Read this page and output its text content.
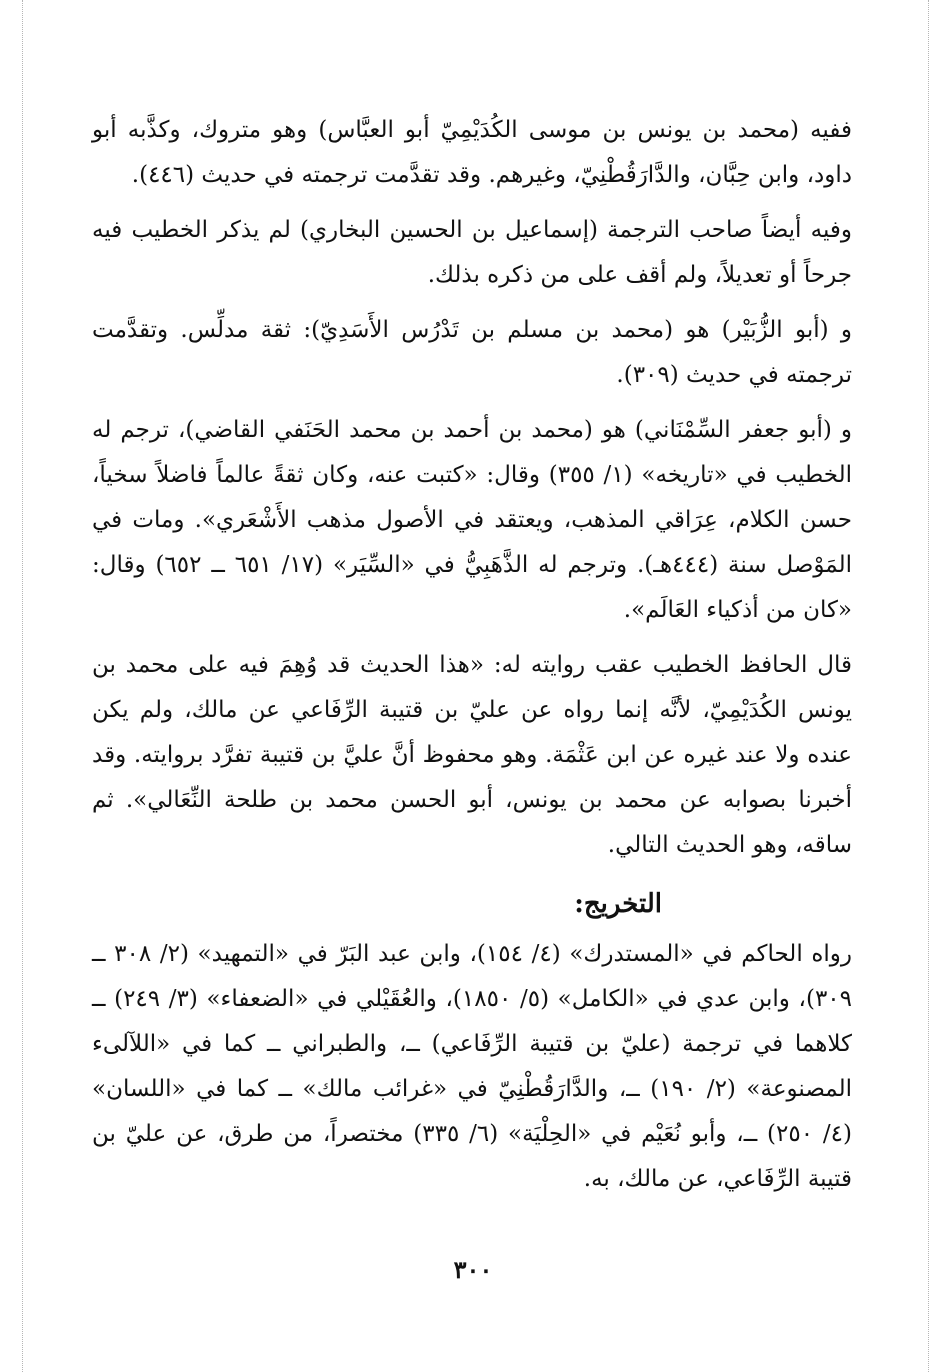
ففيه (محمد بن يونس بن موسى الكُدَيْمِيّ أبو العبَّاس) وهو متروك، وكذَّبه أبو داود، وابن حِبَّان، والدَّارَقُطْنِيّ، وغيرهم. وقد تقدَّمت ترجمته في حديث (٤٤٦).

وفيه أيضاً صاحب الترجمة (إسماعيل بن الحسين البخاري) لم يذكر الخطيب فيه جرحاً أو تعديلاً، ولم أقف على من ذكره بذلك.

و (أبو الزُّبَيْر) هو (محمد بن مسلم بن تَدْرُس الأَسَدِيّ): ثقة مدلِّس. وتقدَّمت ترجمته في حديث (٣٠٩).

و (أبو جعفر السِّمْنَاني) هو (محمد بن أحمد بن محمد الحَنَفي القاضي)، ترجم له الخطيب في «تاريخه» (١/ ٣٥٥) وقال: «كتبت عنه، وكان ثقةً عالماً فاضلاً سخياً، حسن الكلام، عِرَاقي المذهب، ويعتقد في الأصول مذهب الأَشْعَري». ومات في المَوْصل سنة (٤٤٤هـ). وترجم له الذَّهَبِيُّ في «السِّيَر» (١٧/ ٦٥١ ــ ٦٥٢) وقال: «كان من أذكياء العَالَم».

قال الحافظ الخطيب عقب روايته له: «هذا الحديث قد وُهِمَ فيه على محمد بن يونس الكُدَيْمِيّ، لأنَّه إنما رواه عن عليّ بن قتيبة الرِّفَاعي عن مالك، ولم يكن عنده ولا عند غيره عن ابن عَثْمَة. وهو محفوظ أنَّ عليَّ بن قتيبة تفرَّد بروايته. وقد أخبرنا بصوابه عن محمد بن يونس، أبو الحسن محمد بن طلحة النِّعَالي». ثم ساقه، وهو الحديث التالي.

التخريج:

رواه الحاكم في «المستدرك» (٤/ ١٥٤)، وابن عبد البَرّ في «التمهيد» (٢/ ٣٠٨ ــ ٣٠٩)، وابن عدي في «الكامل» (٥/ ١٨٥٠)، والعُقَيْلي في «الضعفاء» (٣/ ٢٤٩) ــ كلاهما في ترجمة (عليّ بن قتيبة الرِّفَاعي) ــ، والطبراني ــ كما في «اللآلىء المصنوعة» (٢/ ١٩٠) ــ، والدَّارَقُطْنِيّ في «غرائب مالك» ــ كما في «اللسان» (٤/ ٢٥٠) ــ، وأبو نُعَيْم في «الحِلْيَة» (٦/ ٣٣٥) مختصراً، من طرق، عن عليّ بن قتيبة الرِّفَاعي، عن مالك، به.

٣٠٠
